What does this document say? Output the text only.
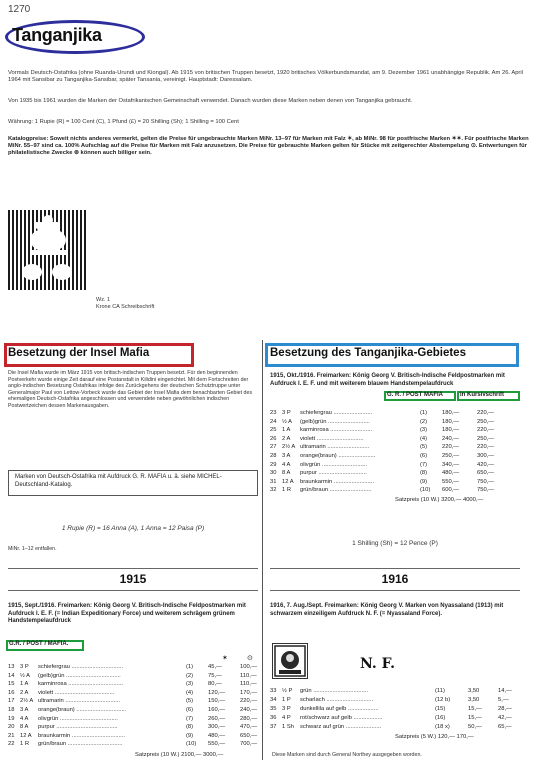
1270
Tanganjika
Vormals Deutsch-Ostafrika (ohne Ruanda-Urundi und Kiongal). Ab 1915 von britischen Truppen besetzt, 1920 britisches Völkerbundsmandat, am 9. Dezember 1961 unabhängige Republik. Am 26. April 1964 mit Sansibar zu Tanganjika-Sansibar, später Tansania, vereinigt. Hauptstadt: Daressalam.
Von 1935 bis 1961 wurden die Marken der Ostafrikanischen Gemeinschaft verwendet. Danach wurden diese Marken neben denen von Tanganjika gebraucht.
Währung: 1 Rupie (R) = 100 Cent (C), 1 Pfund (£) = 20 Shilling (Sh); 1 Shilling = 100 Cent
Katalogpreise: Soweit nichts anderes vermerkt, gelten die Preise für ungebrauchte Marken MiNr. 13–97 für Marken mit Falz ✶, ab MiNr. 98 für postfrische Marken ✶✶. Für postfrische Marken MiNr. 55–97 sind ca. 100% Aufschlag auf die Preise für Marken mit Falz anzusetzen. Die Preise für gebrauchte Marken gelten für Stücke mit zeitgerechter Abstempelung ⊙. Entwertungen für philatelistische Zwecke ⊚ können auch billiger sein.
Wz. 1
Krone CA Schreibschrift
Besetzung der Insel Mafia	Besetzung des Tanganjika-Gebietes
Die Insel Mafia wurde im März 1915 von britisch-indischen Truppen besetzt. Für den beginnenden Postverkehr wurde einige Zeit darauf eine Postanstalt in Kilidini eingerichtet. Mit dem Fortschreiten der anglo-indischen Besetzung Ostafrikas infolge des Zurückgehens der deutschen Schutztruppe unter Generalmajor Paul von Lettow-Vorbeck wurde das Gebiet der Insel Mafia dem benachbarten Gebiet des ehemaligen Deutsch-Ostafrika angeschlossen und verwendete neben gewöhnlichen indischen Postwertzeichen dessen Markenausgaben.
Marken von Deutsch-Ostafrika mit Aufdruck G. R. MAFIA u. ä. siehe MICHEL-Deutschland-Katalog.
1 Rupie (R) = 16 Anna (A), 1 Anna = 12 Paisa (P)
MiNr. 1–12 entfallen.
1915
1 Shilling (Sh) = 12 Pence (P)
1916
1915, Okt./1916. Freimarken: König Georg V. Britisch-Indische Feldpostmarken mit Aufdruck I. E. F. und mit weiterem blauem Handstempelaufdruck
G. R. / POST MAFIA	in Kursivschrift
23 3 P schiefergrau ........................	(1)	180,—	220,—
24 ½ A (gelb)grün ..........................	(2)	180,—	250,—
25 1 A karminrosa ..........................	(3)	180,—	220,—
26 2 A violett .............................	(4)	240,—	250,—
27 2½ A ultramarin ..........................	(5)	220,—	220,—
28 3 A orange(braun) .......................	(6)	250,—	300,—
29 4 A olivgrün ............................	(7)	340,—	420,—
30 8 A purpur ..............................	(8)	480,—	650,—
31 12 A braunkarmin .........................	(9)	550,—	750,—
32 1 R grün/braun ..........................	(10) 600,—	750,—
Satzpreis (10 W.) 3200,— 4000,—
1915, Sept./1916. Freimarken: König Georg V. Britisch-Indische Feldpostmarken mit Aufdruck I. E. F. (= Indian Expeditionary Force) und weiterem schrägem grünem Handstempelaufdruck
G.R. / POST / MAFIA.
✶	⊙
13 3 P schiefergrau ................................	(1)	45,—	100,—
14 ½ A (gelb)grün ..................................	(2)	75,—	110,—
15 1 A karminrosa ..................................	(3)	80,—	110,—
16 2 A violett .....................................	(4)	120,—	170,—
17 2½ A ultramarin ..................................	(5)	150,—	220,—
18 3 A orange(braun) ...............................	(6)	160,—	240,—
19 4 A olivgrün ....................................	(7)	260,—	280,—
20 8 A purpur ......................................	(8)	300,—	470,—
21 12 A braunkarmin .................................	(9)	480,—	650,—
22 1 R grün/braun ..................................	(10) 550,—	700,—
Satzpreis (10 W.) 2100,— 3000,—
1916, 7. Aug./Sept. Freimarken: König Georg V. Marken von Nyassaland (1913) mit schwarzem einzeiligem Aufdruck N. F. (= Nyassaland Force).
N. F.
33 ½ P grün ..................................	(11)	3,50	14,—
34 1 P scharlach .............................	(12 b)	3,50	5,—
35 3 P dunkellila auf gelb ...................	(15)	15,—	28,—
36 4 P rot/schwarz auf gelb ..................	(16)	15,—	42,—
37 1 Sh schwarz auf grün ......................	(18 x)	50,—	65,—
Satzpreis (5 W.) 120,— 170,—
Diese Marken sind durch General Northey ausgegeben worden.
